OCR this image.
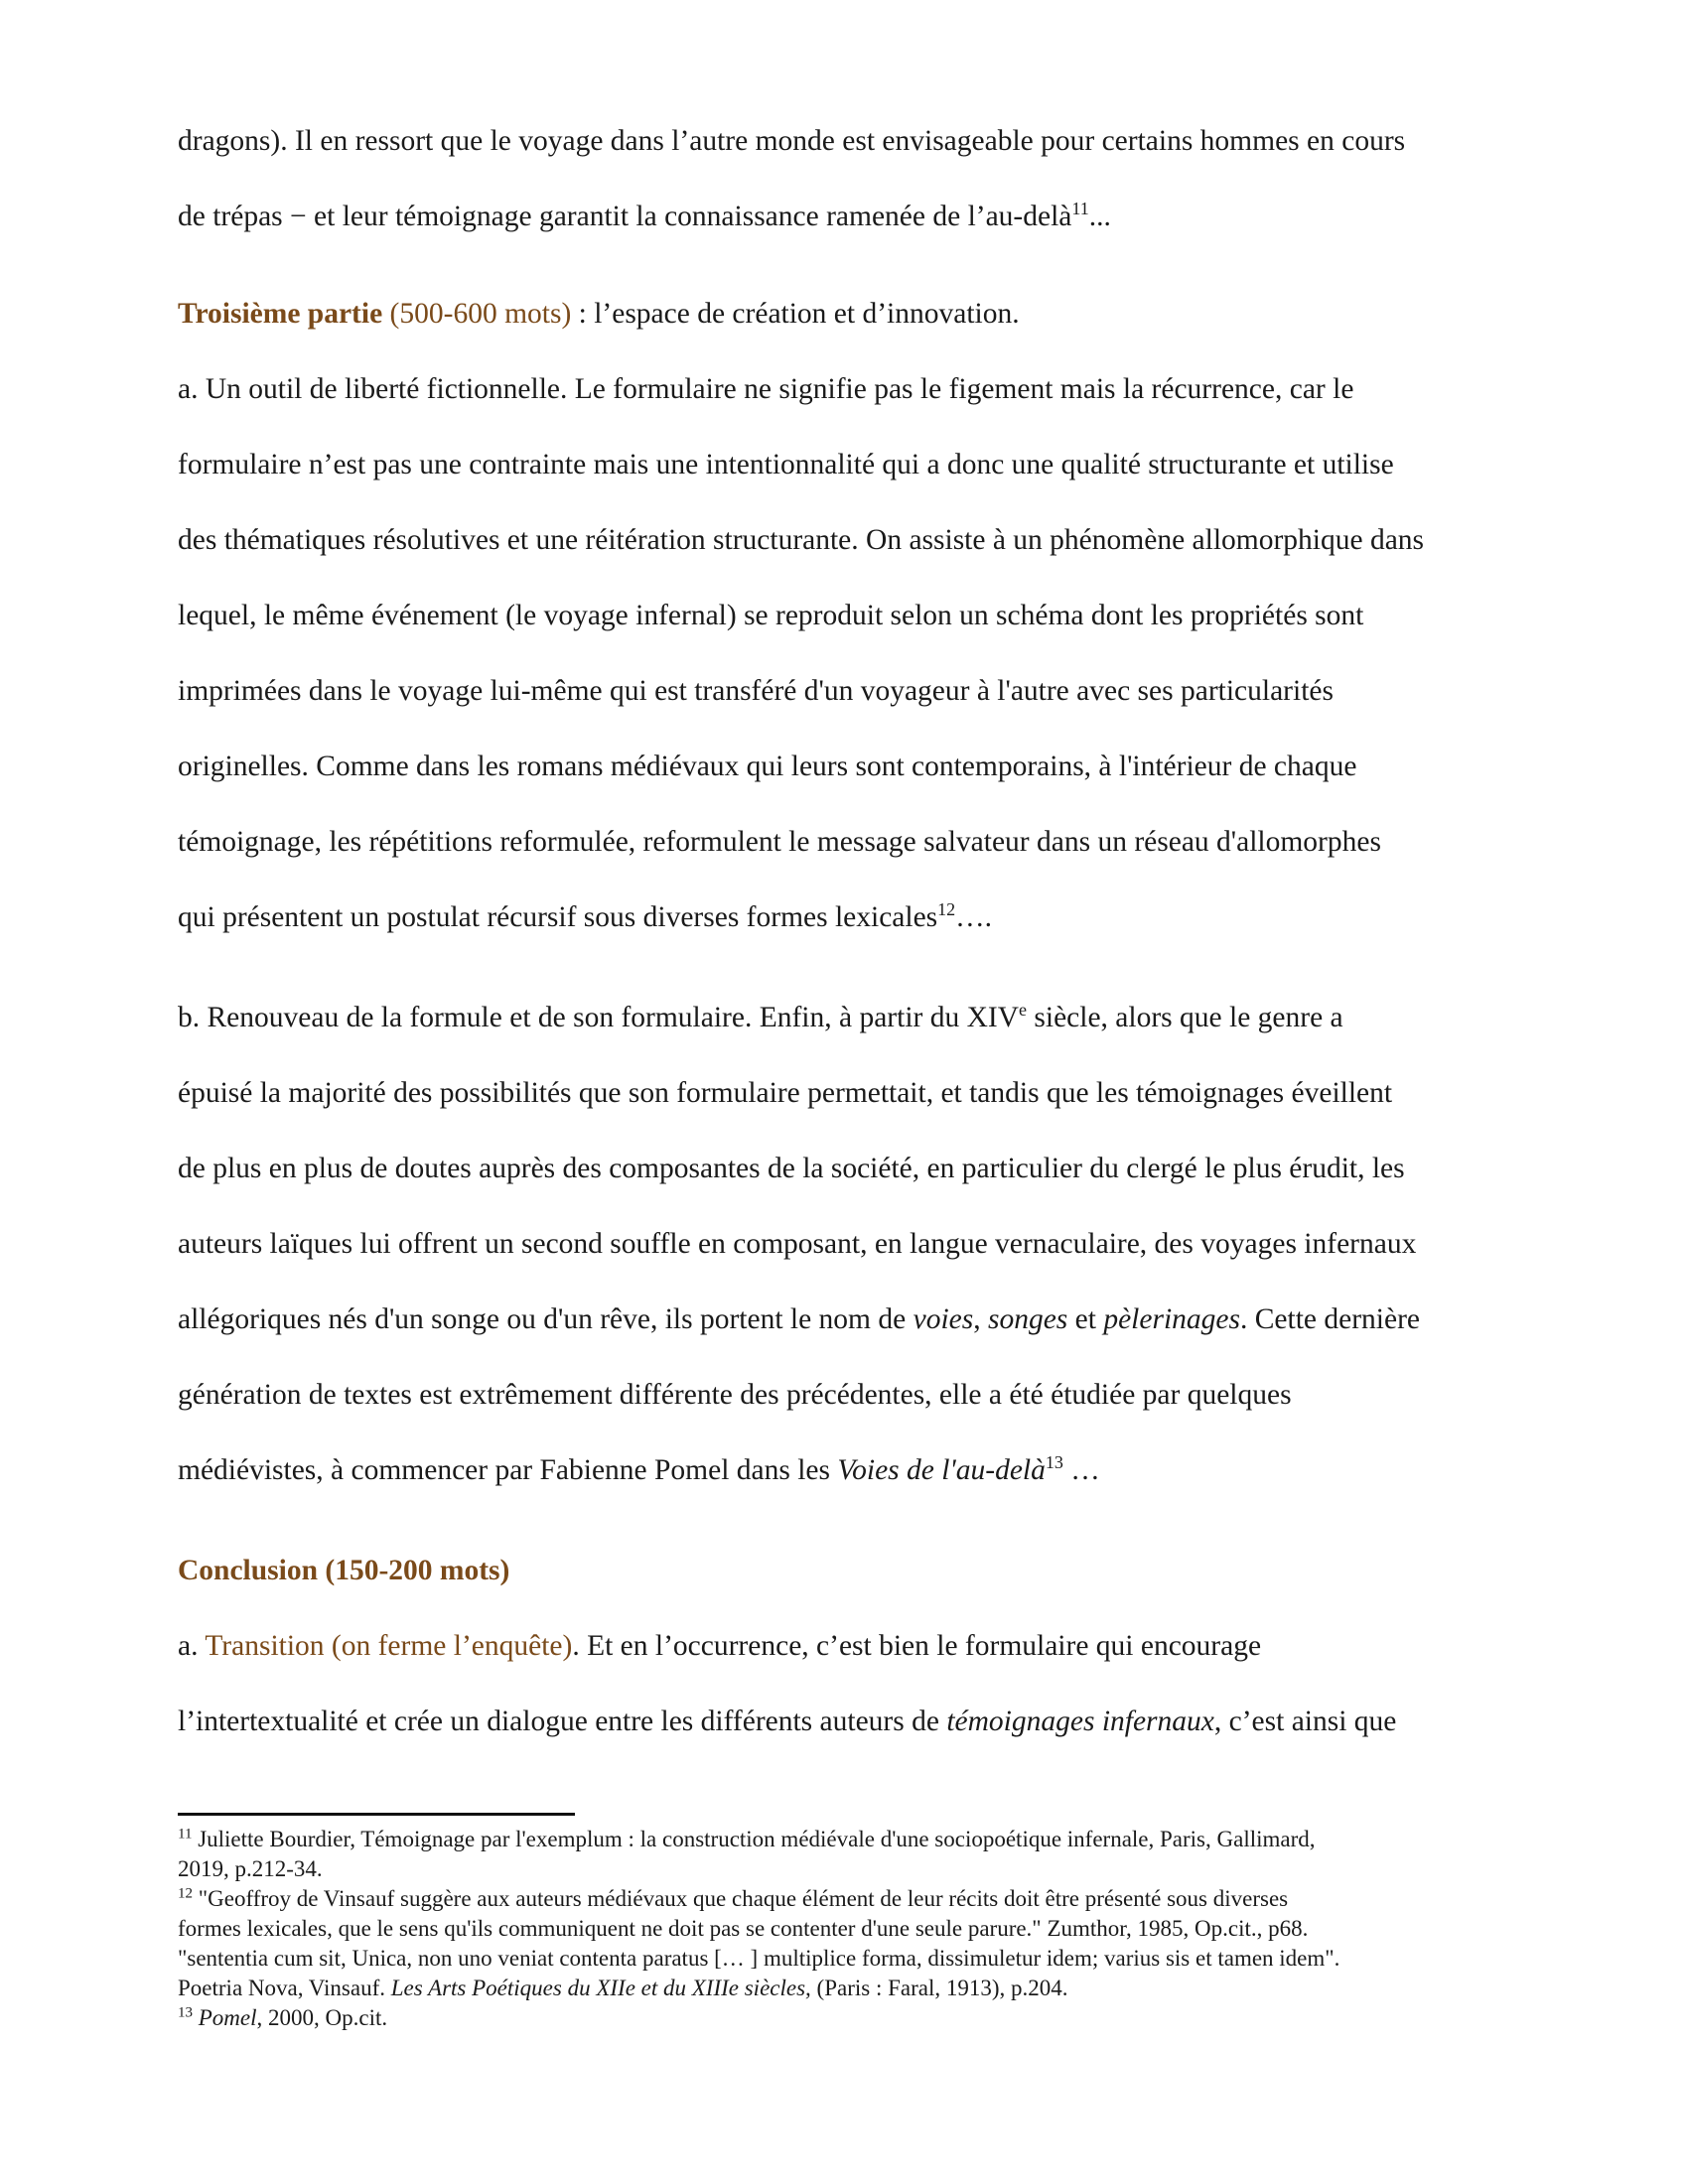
dragons). Il en ressort que le voyage dans l’autre monde est envisageable pour certains hommes en cours
de trépas − et leur témoignage garantit la connaissance ramenée de l’au-delà$^{11}$...
Troisième partie (500-600 mots) : l’espace de création et d’innovation.
a. Un outil de liberté fictionnelle. Le formulaire ne signifie pas le figement mais la récurrence, car le
formulaire n’est pas une contrainte mais une intentionnalité qui a donc une qualité structurante et utilise
des thématiques résolutives et une réitération structurante. On assiste à un phénomène allomorphique dans
lequel, le même événement (le voyage infernal) se reproduit selon un schéma dont les propriétés sont
imprimées dans le voyage lui-même qui est transféré d'un voyageur à l'autre avec ses particularités
originelles. Comme dans les romans médiévaux qui leurs sont contemporains, à l'intérieur de chaque
témoignage, les répétitions reformulée, reformulent le message salvateur dans un réseau d'allomorphes
qui présentent un postulat récursif sous diverses formes lexicales$^{12}$….
b. Renouveau de la formule et de son formulaire. Enfin, à partir du XIVe siècle, alors que le genre a
épuisé la majorité des possibilités que son formulaire permettait, et tandis que les témoignages éveillent
de plus en plus de doutes auprès des composantes de la société, en particulier du clergé le plus érudit, les
auteurs laïques lui offrent un second souffle en composant, en langue vernaculaire, des voyages infernaux
allégoriques nés d'un songe ou d'un rêve, ils portent le nom de voies, songes et pèlerinages. Cette dernière
génération de textes est extrêmement différente des précédentes, elle a été étudiée par quelques
médiévistes, à commencer par Fabienne Pomel dans les Voies de l'au-delà$^{13}$ …
Conclusion (150-200 mots)
a. Transition (on ferme l’enquête). Et en l’occurrence, c’est bien le formulaire qui encourage
l’intertextualité et crée un dialogue entre les différents auteurs de témoignages infernaux, c’est ainsi que
$^{11}$ Juliette Bourdier, Témoignage par l'exemplum : la construction médiévale d'une sociopoétique infernale, Paris, Gallimard,
2019, p.212-34.
$^{12}$ "Geoffroy de Vinsauf suggère aux auteurs médiévaux que chaque élément de leur récits doit être présenté sous diverses
formes lexicales, que le sens qu'ils communiquent ne doit pas se contenter d'une seule parure." Zumthor, 1985, Op.cit., p68.
"sententia cum sit, Unica, non uno veniat contenta paratus [… ] multiplice forma, dissimuletur idem; varius sis et tamen idem".
Poetria Nova, Vinsauf. Les Arts Poétiques du XIIe et du XIIIe siècles, (Paris : Faral, 1913), p.204.
$^{13}$ Pomel, 2000, Op.cit.
